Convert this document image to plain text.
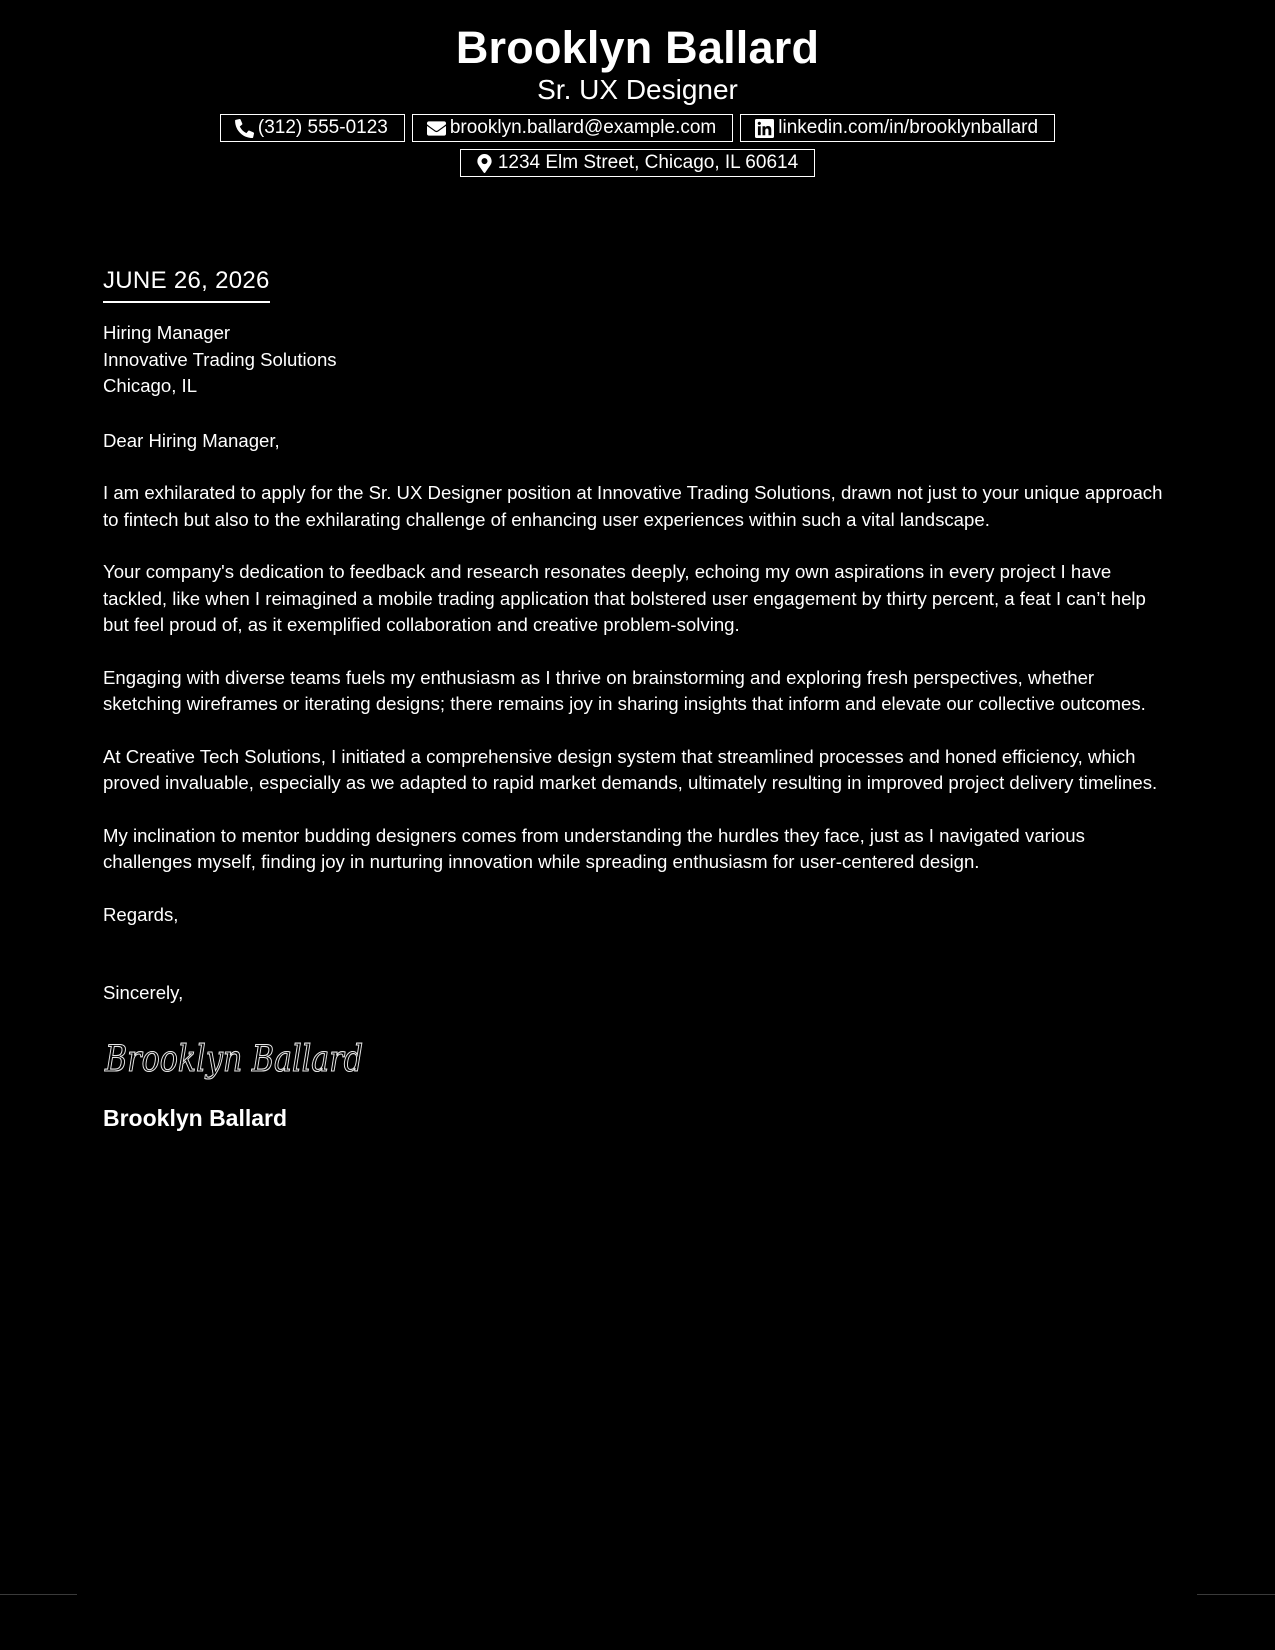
Brooklyn Ballard
Sr. UX Designer
(312) 555-0123	brooklyn.ballard@example.com	linkedin.com/in/brooklynballard
1234 Elm Street, Chicago, IL 60614
JUNE 26, 2026
Hiring Manager
Innovative Trading Solutions
Chicago, IL
Dear Hiring Manager,
I am exhilarated to apply for the Sr. UX Designer position at Innovative Trading Solutions, drawn not just to your unique approach to fintech but also to the exhilarating challenge of enhancing user experiences within such a vital landscape.
Your company's dedication to feedback and research resonates deeply, echoing my own aspirations in every project I have tackled, like when I reimagined a mobile trading application that bolstered user engagement by thirty percent, a feat I can’t help but feel proud of, as it exemplified collaboration and creative problem-solving.
Engaging with diverse teams fuels my enthusiasm as I thrive on brainstorming and exploring fresh perspectives, whether sketching wireframes or iterating designs; there remains joy in sharing insights that inform and elevate our collective outcomes.
At Creative Tech Solutions, I initiated a comprehensive design system that streamlined processes and honed efficiency, which proved invaluable, especially as we adapted to rapid market demands, ultimately resulting in improved project delivery timelines.
My inclination to mentor budding designers comes from understanding the hurdles they face, just as I navigated various challenges myself, finding joy in nurturing innovation while spreading enthusiasm for user-centered design.
Regards,
Sincerely,
Brooklyn Ballard
Brooklyn Ballard
